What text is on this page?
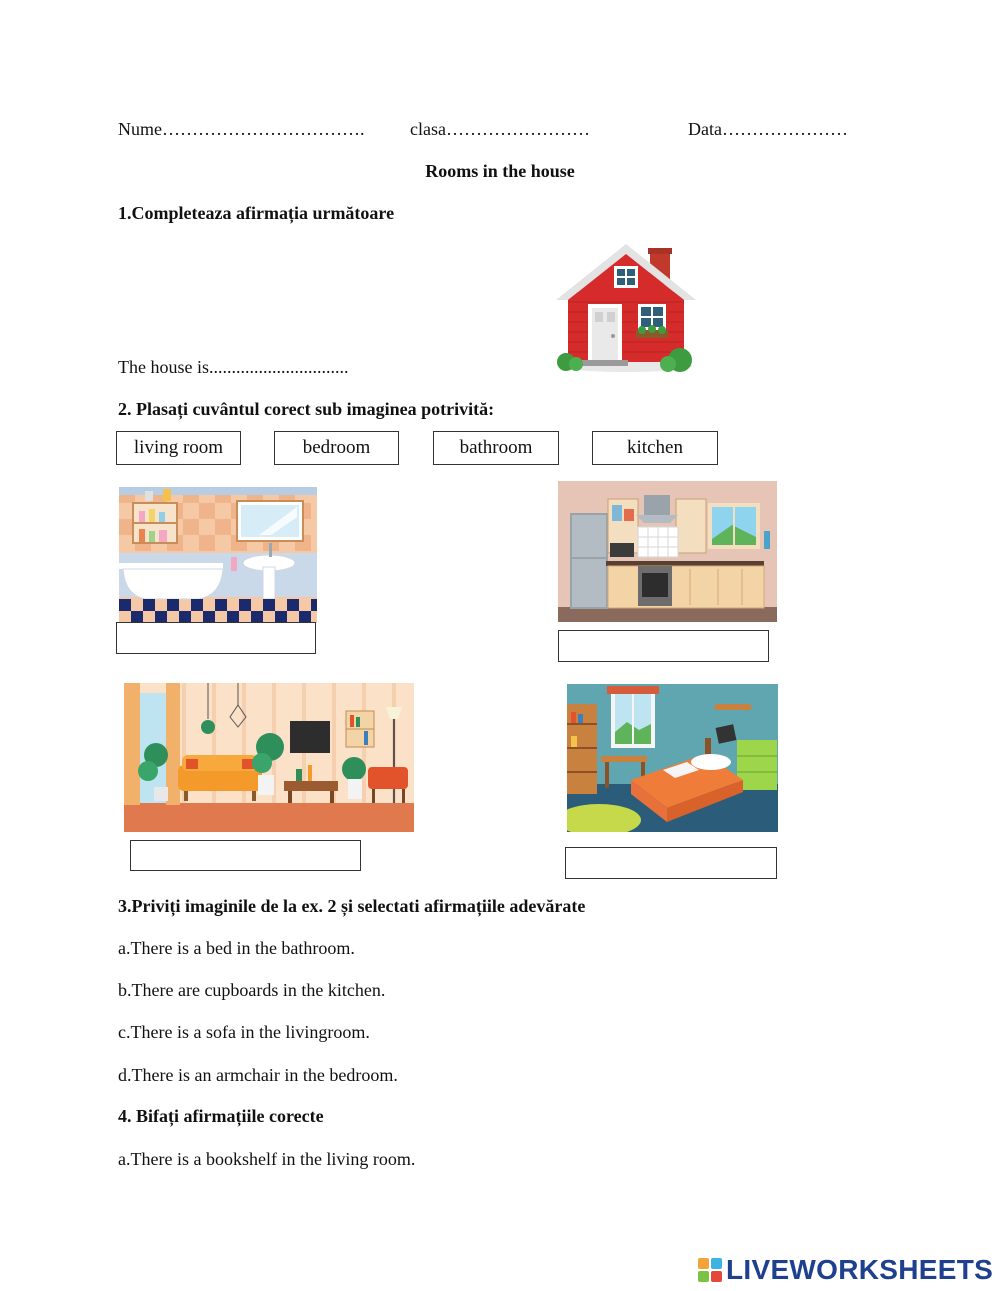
Nume…………………………….	clasa……………………	Data…………………
Rooms in the house
1.Completeaza afirmația următoare
The house is...............................
2. Plasați cuvântul corect sub imaginea potrivită:
living room	bedroom	bathroom	kitchen
3.Priviți imaginile de la ex. 2 și selectati afirmațiile adevărate
a.There is a bed in the bathroom.
b.There are cupboards in the kitchen.
c.There is a sofa in the livingroom.
d.There is an armchair in the bedroom.
4. Bifați afirmațiile corecte
a.There is a bookshelf in the living room.
LIVEWORKSHEETS
